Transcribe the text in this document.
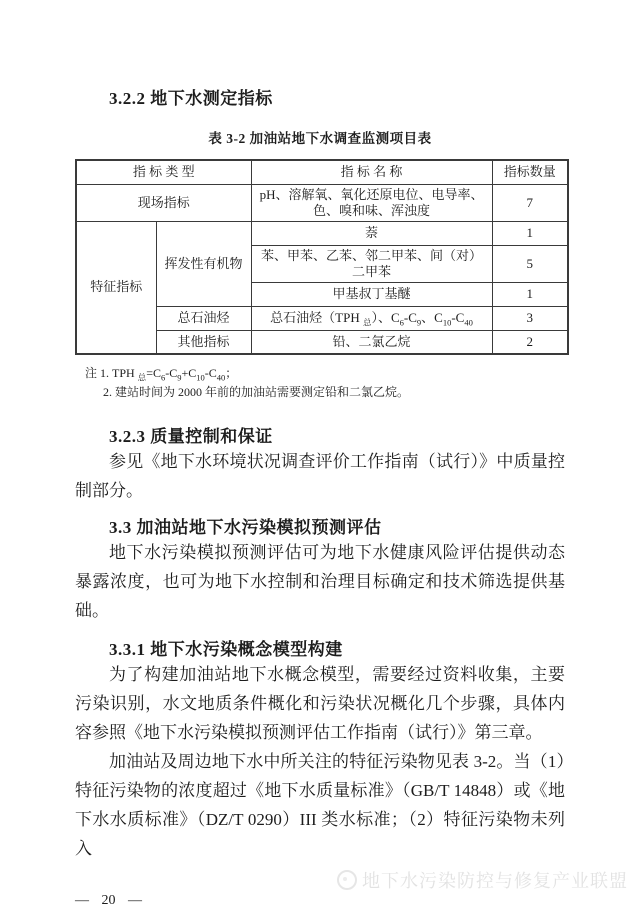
3.2.2 地下水测定指标
表 3-2 加油站地下水调查监测项目表
指 标 类 型		指 标 名 称	指标数量
现场指标		pH、溶解氧、氧化还原电位、电导率、色、嗅和味、浑浊度	7
特征指标	挥发性有机物	萘	1
		苯、甲苯、乙苯、邻二甲苯、间（对）二甲苯	5
		甲基叔丁基醚	1
	总石油烃	总石油烃（TPH $_总$）、$C_6-C_9$、$C_{10}-C_{40}$	3
	其他指标	铅、二氯乙烷	2
注 1. TPH $_总=C_6-C_9+C_{10}-C_{40}$；
2. 建站时间为 2000 年前的加油站需要测定铅和二氯乙烷。
3.2.3 质量控制和保证

参见《地下水环境状况调查评价工作指南（试行）》中质量控制部分。

3.3 加油站地下水污染模拟预测评估

地下水污染模拟预测评估可为地下水健康风险评估提供动态暴露浓度，也可为地下水控制和治理目标确定和技术筛选提供基础。

3.3.1 地下水污染概念模型构建

为了构建加油站地下水概念模型，需要经过资料收集，主要污染识别，水文地质条件概化和污染状况概化几个步骤，具体内容参照《地下水污染模拟预测评估工作指南（试行）》第三章。

加油站及周边地下水中所关注的特征污染物见表 3-2。当（1）特征污染物的浓度超过《地下水质量标准》（GB/T 14848）或《地下水水质标准》（DZ/T 0290）III 类水标准；（2）特征污染物未列入

— 20 —
地下水污染防控与修复产业联盟
